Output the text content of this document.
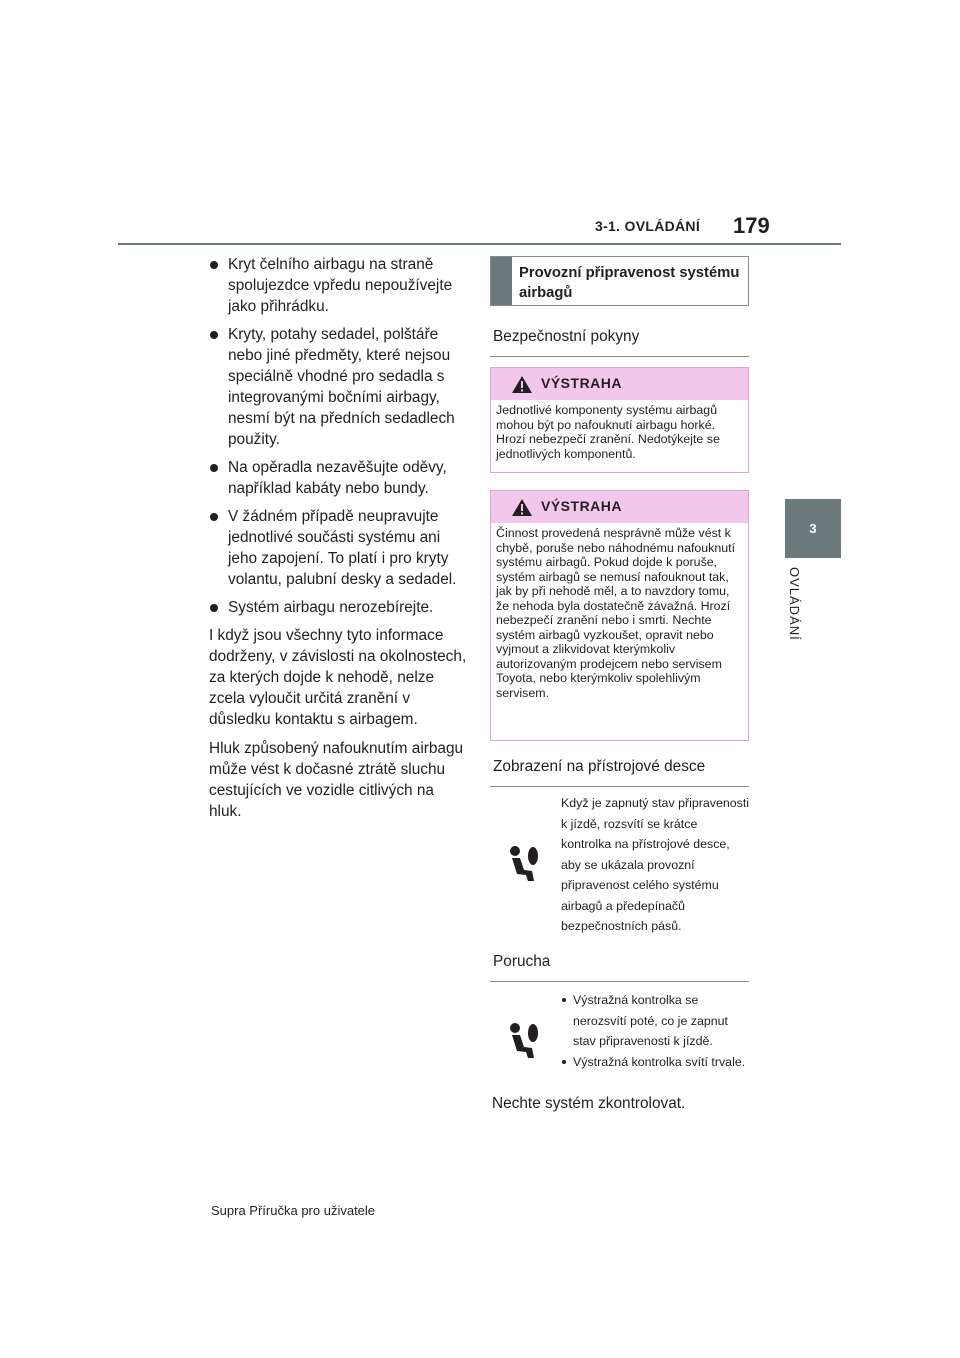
3-1. OVLÁDÁNÍ 179
3
OVLÁDÁNÍ
Kryt čelního airbagu na straně spolujezdce vpředu nepoužívejte jako přihrádku.
Kryty, potahy sedadel, polštáře nebo jiné předměty, které nejsou speciálně vhodné pro sedadla s integrovanými bočními airbagy, nesmí být na předních sedadlech použity.
Na opěradla nezavěšujte oděvy, například kabáty nebo bundy.
V žádném případě neupravujte jednotlivé součásti systému ani jeho zapojení. To platí i pro kryty volantu, palubní desky a sedadel.
Systém airbagu nerozebírejte.
I když jsou všechny tyto informace dodrženy, v závislosti na okolnostech, za kterých dojde k nehodě, nelze zcela vyloučit určitá zranění v důsledku kontaktu s airbagem.
Hluk způsobený nafouknutím airbagu může vést k dočasné ztrátě sluchu cestujících ve vozidle citlivých na hluk.
Provozní připravenost systému airbagů
Bezpečnostní pokyny
VÝSTRAHA
Jednotlivé komponenty systému airbagů mohou být po nafouknutí airbagu horké. Hrozí nebezpečí zranění. Nedotýkejte se jednotlivých komponentů.
VÝSTRAHA
Činnost provedená nesprávně může vést k chybě, poruše nebo náhodnému nafouknutí systému airbagů. Pokud dojde k poruše, systém airbagů se nemusí nafouknout tak, jak by při nehodě měl, a to navzdory tomu, že nehoda byla dostatečně závažná. Hrozí nebezpečí zranění nebo i smrti. Nechte systém airbagů vyzkoušet, opravit nebo vyjmout a zlikvidovat kterýmkoliv autorizovaným prodejcem nebo servisem Toyota, nebo kterýmkoliv spolehlivým servisem.
Zobrazení na přístrojové desce
Když je zapnutý stav připravenosti k jízdě, rozsvítí se krátce kontrolka na přístrojové desce, aby se ukázala provozní připravenost celého systému airbagů a předepínačů bezpečnostních pásů.
Porucha
Výstražná kontrolka se nerozsvítí poté, co je zapnut stav připravenosti k jízdě.
Výstražná kontrolka svítí trvale.
Nechte systém zkontrolovat.
Supra Příručka pro uživatele
